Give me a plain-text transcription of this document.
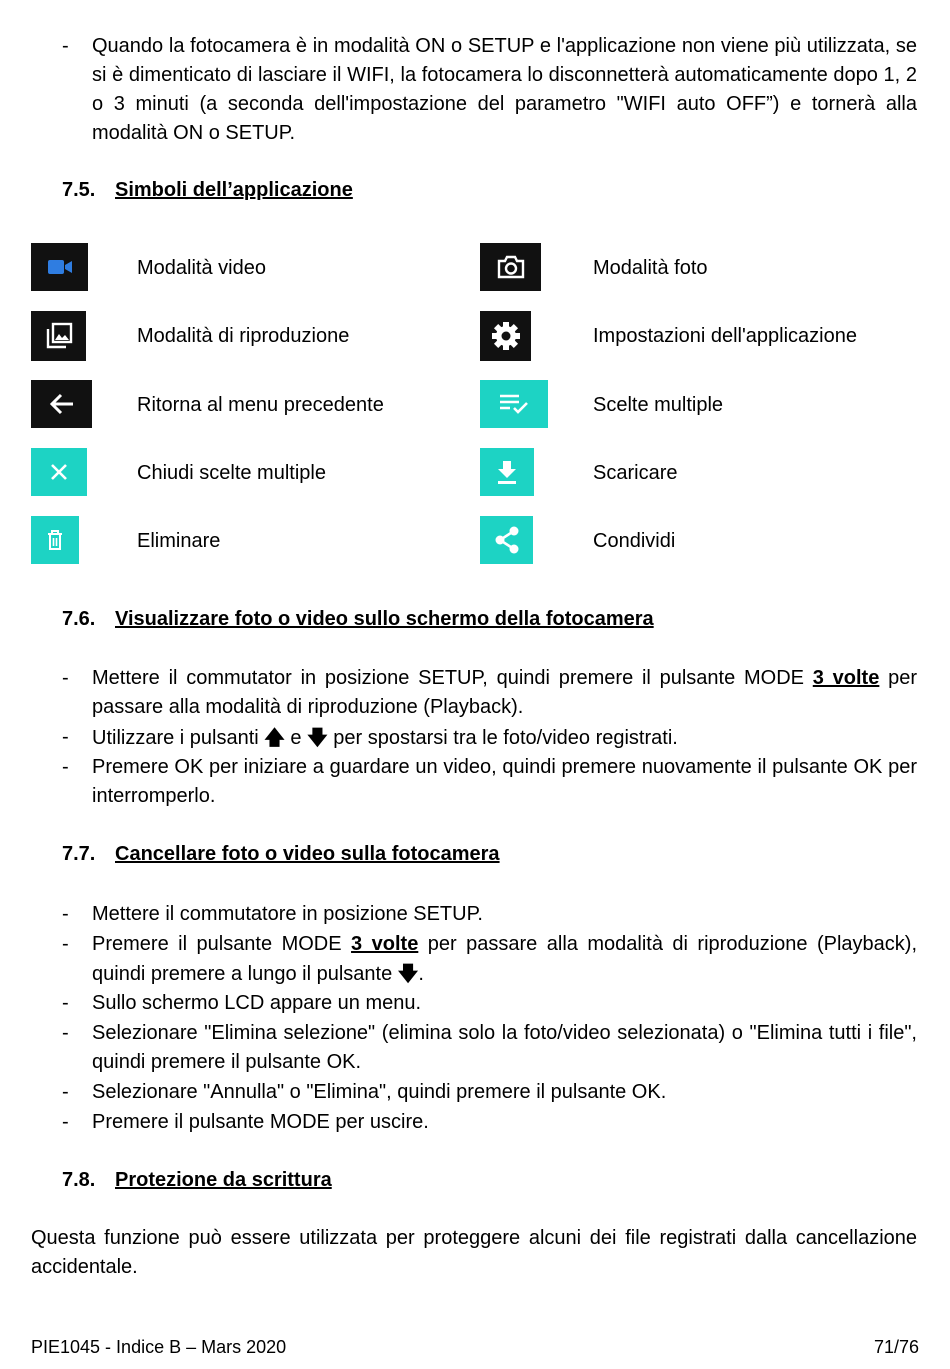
-	Quando la fotocamera è in modalità ON o SETUP e l'applicazione non viene più utilizzata, se si è dimenticato di lasciare il WIFI, la fotocamera lo disconnetterà automaticamente dopo 1, 2 o 3 minuti (a seconda dell'impostazione del parametro "WIFI auto OFF”) e tornerà alla modalità ON o SETUP.
7.5. Simboli dell’applicazione
Modalità video	Modalità foto
Modalità di riproduzione	Impostazioni dell'applicazione
Ritorna al menu precedente	Scelte multiple
Chiudi scelte multiple	Scaricare
Eliminare	Condividi
7.6. Visualizzare foto o video sullo schermo della fotocamera
-	Mettere il commutator in posizione SETUP, quindi premere il pulsante MODE 3 volte per passare alla modalità di riproduzione (Playback).
-	Utilizzare i pulsanti 🡅 e 🡇 per spostarsi tra le foto/video registrati.
-	Premere OK per iniziare a guardare un video, quindi premere nuovamente il pulsante OK per interromperlo.
7.7. Cancellare foto o video sulla fotocamera
-	Mettere il commutatore in posizione SETUP.
-	Premere il pulsante MODE 3 volte per passare alla modalità di riproduzione (Playback), quindi premere a lungo il pulsante 🡇.
-	Sullo schermo LCD appare un menu.
-	Selezionare "Elimina selezione" (elimina solo la foto/video selezionata) o "Elimina tutti i file", quindi premere il pulsante OK.
-	Selezionare "Annulla" o "Elimina", quindi premere il pulsante OK.
-	Premere il pulsante MODE per uscire.
7.8. Protezione da scrittura
Questa funzione può essere utilizzata per proteggere alcuni dei file registrati dalla cancellazione accidentale.
PIE1045 - Indice B – Mars 2020	71/76
